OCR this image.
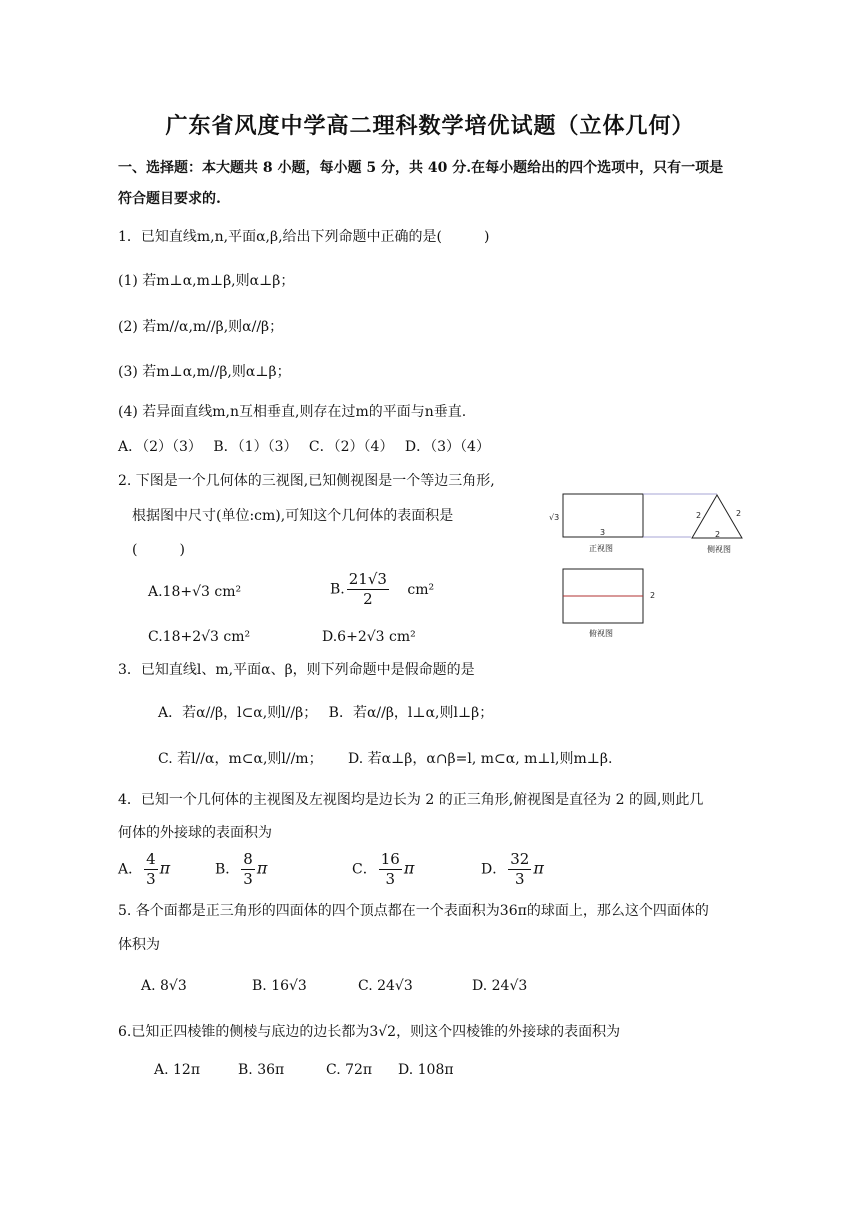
广东省风度中学高二理科数学培优试题（立体几何）
一、选择题：本大题共 8 小题，每小题 5 分，共 40 分.在每小题给出的四个选项中，只有一项是
符合题目要求的.
1．已知直线m,n,平面α,β,给出下列命题中正确的是(　　　)
(1) 若m⊥α,m⊥β,则α⊥β；
(2) 若m//α,m//β,则α//β；
(3) 若m⊥α,m//β,则α⊥β；
(4) 若异面直线m,n互相垂直,则存在过m的平面与n垂直.
A．（2）（3）　 B．（1）（3）　 C．（2）（4）　 D．（3）（4）
2. 下图是一个几何体的三视图,已知侧视图是一个等边三角形,
根据图中尺寸(单位:cm),可知这个几何体的表面积是
(　　　)
A.18+√3 cm²	B. $\frac{21√3}{2} cm^2$
C.18+2√3 cm²	D.6+2√3 cm²
√3
3
正视图
2	2
2
侧视图
2
俯视图
3．已知直线l、m,平面α、β，则下列命题中是假命题的是
A．若α//β，l⊂α,则l//β；　 B．若α//β，l⊥α,则l⊥β；
C. 若l//α，m⊂α,则l//m；　　 D. 若α⊥β，α∩β=l, m⊂α, m⊥l,则m⊥β.
4．已知一个几何体的主视图及左视图均是边长为 2 的正三角形,俯视图是直径为 2 的圆,则此几
何体的外接球的表面积为
A． $\frac{4}{3}$ π	B． $\frac{8}{3}$ π	C． $\frac{16}{3}$ π	D． $\frac{32}{3}$ π
5. 各个面都是正三角形的四面体的四个顶点都在一个表面积为36π的球面上，那么这个四面体的
体积为
A. 8√3	B. 16√3	C. 24√3	D. 24√3
6.已知正四棱锥的侧棱与底边的边长都为3√2，则这个四棱锥的外接球的表面积为
A. 12π	B. 36π	C. 72π D. 108π
